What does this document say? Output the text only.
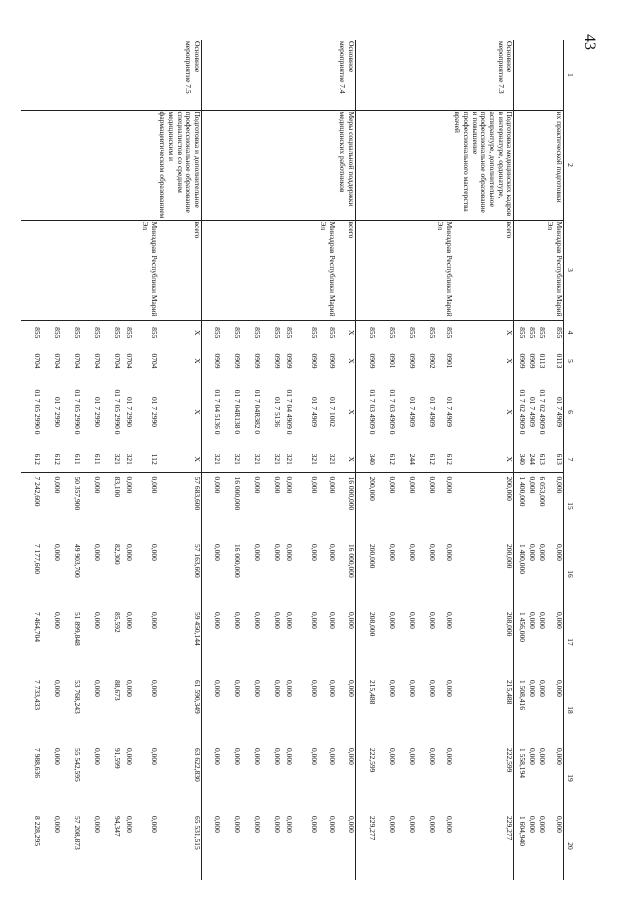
43
1	2	3	4	5	6	7	15	16	17	18	19	20
	их практической подготовки	Минздрав Республики Марий Эл	855	0113	01 7 4909	613	0,000	0,000	0,000	0,000	0,000	0,000
			855	0113	01 7 02 4909 0	613	6 053,000	0,000	0,000	0,000	0,000	0,000
			855	0909	01 7 4909	244	0,000	0,000	0,000	0,000	0,000	0,000
			855	0909	01 7 02 4909 0	340	1 400,000	1 400,000	1 456,000	1 508,416	1 558,194	1 604,940
Основное мероприятие 7.3	Подготовка медицинских кадров в интернатуре, ординатуре, аспирантуре, дополнительное профессиональное образование и повышение профессионального мастерства врачей	всего	X	X	X	X	200,000	200,000	208,000	215,488	222,599	229,277
		Минздрав Республики Марий Эл	855	0901	01 7 4909	612	0,000	0,000	0,000	0,000	0,000	0,000
			855	0902	01 7 4909	612	0,000	0,000	0,000	0,000	0,000	0,000
			855	0909	01 7 4909	244	0,000	0,000	0,000	0,000	0,000	0,000
			855	0901	01 7 03 4909 0	612	0,000	0,000	0,000	0,000	0,000	0,000
			855	0909	01 7 03 4909 0	340	200,000	200,000	208,000	215,488	222,599	229,277
Основное мероприятие 7.4	Меры социальной поддержки медицинских работников	всего	X	X	X	X	16 000,000	16 000,000	0,000	0,000	0,000	0,000
		Минздрав Республики Марий Эл	855	0909	01 7 1002	321	0,000	0,000	0,000	0,000	0,000	0,000
			855	0909	01 7 4909	321	0,000	0,000	0,000	0,000	0,000	0,000
			855	0909	01 7 04 4909 0	321	0,000	0,000	0,000	0,000	0,000	0,000
			855	0909	01 7 5136	321	0,000	0,000	0,000	0,000	0,000	0,000
			855	0909	01 7 04R382 0	321	0,000	0,000	0,000	0,000	0,000	0,000
			855	0909	01 7 04R138 0	321	16 000,000	16 000,000	0,000	0,000	0,000	0,000
			855	0909	01 7 04 5136 0	321	0,000	0,000	0,000	0,000	0,000	0,000
Основное мероприятие 7.5	Подготовка и дополнительное профессиональное образование специалистов со средним медицинским и фармацевтическим образованием	всего	X	X	X	X	57 683,600	57 163,600	59 450,144	61 590,349	63 622,830	65 531,515
		Минздрав Республики Марий Эл	855	0704	01 7 2990	112	0,000	0,000	0,000	0,000	0,000	0,000
			855	0704	01 7 2990	321	0,000	0,000	0,000	0,000	0,000	0,000
			855	0704	01 7 05 2990 0	321	83,100	82,300	85,592	88,673	91,599	94,347
			855	0704	01 7 2990	611	0,000	0,000	0,000	0,000	0,000	0,000
			855	0704	01 7 05 2990 0	611	50 357,900	49 903,700	51 899,848	53 768,243	55 542,595	57 208,873
			855	0704	01 7 2990	612	0,000	0,000	0,000	0,000	0,000	0,000
			855	0704	01 7 05 2990 0	612	7 242,600	7 177,600	7 464,704	7 733,433	7 988,636	8 228,295
